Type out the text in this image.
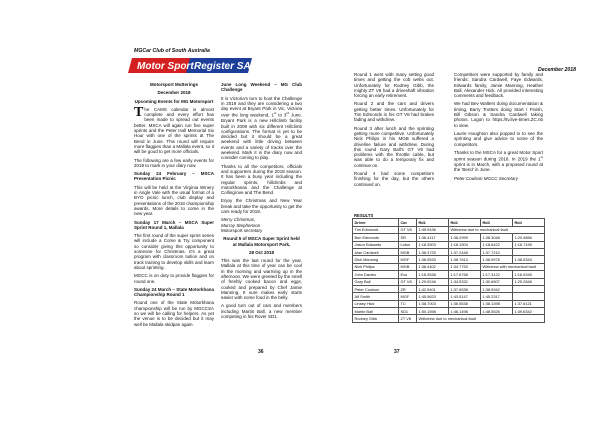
MGCar Club of South Australia
December 2018
Motor Sport Register SA

Motorsport Mutterings

December 2018

Upcoming Events for MG Motorsport

The CAMS calendar is almost complete and every effort has been made to spread out events better. MSCA will again run five super sprints and the Peter Hall Memorial Six Hour with one of the sprints at The Bend in June. This round will require more flaggies than a Mallala event, so it will be good to get more officials.

The following are a few early events for 2019 to mark in your diary now.

Sunday 24 February – MSCA Presentation Picnic

This will be held at the Virginia Winery in Angle Vale with the usual format of a BYO picnic lunch, club display and presentations of the 2018 championship awards. More details to come in the new year.

Sunday 17 March – MSCA Super Sprint Round 1, Mallala

The first round of the super sprint series will include a Come & Try component so consider giving this opportunity to someone for Christmas. It's a great program with classroom tuition and on track training to develop skills and learn about sprinting.

MGCC is on duty to provide flaggies for round one.

Sunday 24 March – State Motorkhana Championship Round 1

Round one of the State Motorkhana championship will be run by MGCCSA so we will be calling for helpers. As yet the venue is to be decided but it may well be Mallala skidpan again.

June Long Weekend – MG Club Challenge

It is Victoria's turn to host the Challenge in 2019 and they are considering a two day event at Bryant Park in Vic, Victoria over the long weekend, 1st to 3rd June. Bryant Park is a new Hillclimb facility built in 2008 with six different Hillclimb configurations. The format is yet to be decided but it should be a great weekend with little driving between events and a variety of tracks over the weekend. Mark it in the diary now and consider coming to play.

Thanks to all the competitors, officials and supporters during the 2018 season. It has been a busy year including the regular sprints, hillclimbs and motorkhanas and the Challenge at Collingrove and The Bend.

Enjoy the Christmas and New Year break and take the opportunity to get the cars ready for 2019.

Merry Christmas,

Murray Stephenson

Motorsport secretary

Round 5 of MSCA Super Sprint held at Mallala Motorsport Park,

28 Oct 2018

This was the last round for the year. Mallala at this time of year can be cool in the morning and warming up in the afternoon. We were greeted by the smell of freshly cooked bacon and eggs, cooked and prepared by Chef Jamie Manning. It sure makes early starts easier with some food in the belly.

A good turn out of cars and members including Martin Ball, a new member competing in his Rover SD1.

Round 1 went with many setting good times and getting the cob webs out. Unfortunately for Rodney Gibb, the mighty ZT V8 had a driveshaft vibration forcing an early retirement.

Round 2 and the cars and drivers getting better times. Unfortunately for Tim Edmonds in his GT V8 had brakes fading and withdrew.

Round 3 after lunch and the sprinting getting more competitive. Unfortunately Nick Philips in his MGB suffered a driveline failure and withdrew. During this round Gary Ball's GT V8 had problems with the throttle cable, but was able to do a temporary fix and continue on.

Round 4 had some competitors finishing for the day, but the others continued on.

Competitors were supported by family and friends: Sandra Cardwell, Faye Edwards, Edwards family, Jamie Manning, Heather Ball, Alexander Hick. All provided interesting comments and feedback.

We had Bev Walters doing documentation & timing, Barry Trotters doing Start / Finish, Bill Gibson & Sandra Cardwell taking photos. Logon to https://tv.live-times.ZC.nb to view.

Laurie Houghton also popped in to see the sprinting and give advice to some of the competitors.

Thanks to the MSCA for a great Motor Sport sprint season during 2018. In 2019 the 1st sprint is in March, with a proposed round at the 'Bend' in June.

Peter Coulson MGCC Secretary

RESULTS					
Driver	Car	Rd1	Rd2	Rd3	Rd4
Tim Edmonds	GT V8	1:45.9436	Withdrew due to mechanical fault		
Ben Edmonds	SR	1:36.4117	1:38.2999	1:38.3048	1:20.4856
Jason Edwards	Lotus	1:18.3503	1:18.1504	1:18.6422	1:16.7195
Alan Cardwell	MGB	1:38.3725	1:37.2448	1:37.7210	
Dick Manning	MGF	1:36.9533	1:38.7813	1:38.9978	1:38.5343
Nick Philips	MGB	1:38.4402	1:34.7753	Withdrew with mechanical fault	
John Davies	Evo	1:16.3538	1:17.6758	1:17.3122	1:16.9345
Gary Ball	GT V8	1:29.5246	1:34.5332	1:30.6507	1:25.2848
Peter Coulson	ZR	1:42.5401	1:37.6538	1:38.5942	
Alf Smith	MGF	1:45.5623	1:43.5147	1:45.2317	
Linsey Hick	TC	1:38.7003	1:36.5538	1:38.1398	1:37.6121
Martin Ball	SD1	1:50.1598	1:46.1498	1:48.5526	1:39.6342
Rodney Gibb	ZT V8	Withdrew due to mechanical fault			
36	37
